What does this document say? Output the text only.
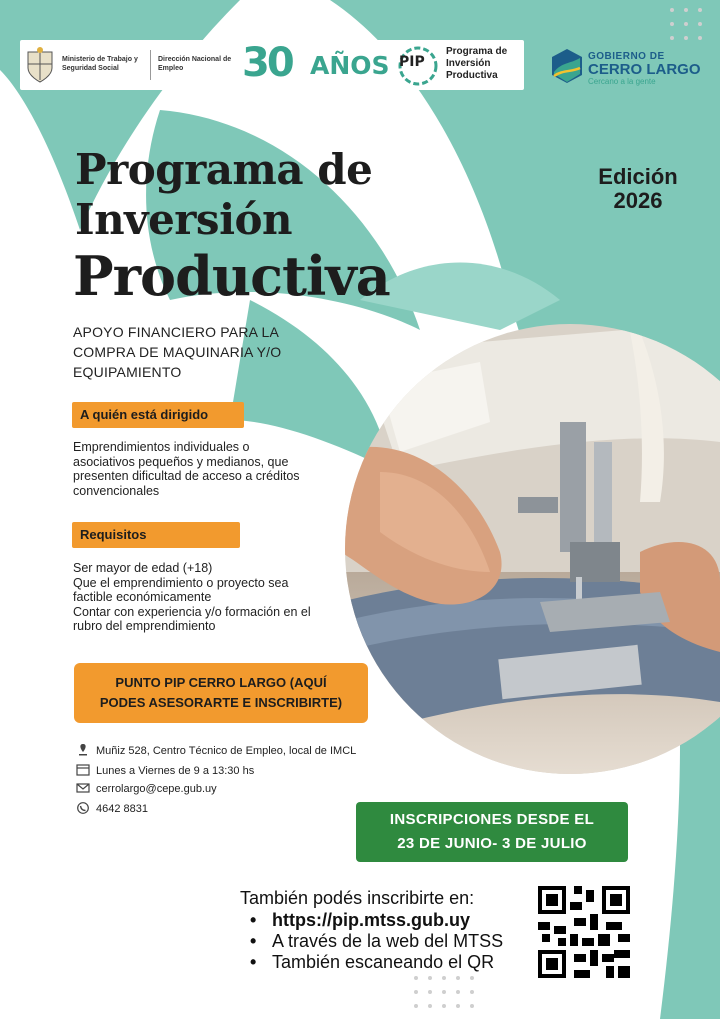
Ministerio de Trabajo y Seguridad Social
Dirección Nacional de Empleo	30 AÑOS PIP
Programa de Inversión Productiva
GOBIERNO DE
CERRO LARGO
Cercano a la gente
Programa de
Inversión
Productiva
Edición
2026
APOYO FINANCIERO PARA LA COMPRA DE MAQUINARIA Y/O EQUIPAMIENTO
A quién está dirigido
Emprendimientos individuales o asociativos pequeños y medianos, que presenten dificultad de acceso a créditos convencionales
Requisitos
Ser mayor de edad (+18)
Que el emprendimiento o proyecto sea factible económicamente
Contar con experiencia y/o formación en el rubro del emprendimiento
PUNTO PIP CERRO LARGO (AQUÍ
PODES ASESORARTE E INSCRIBIRTE)
Muñiz 528, Centro Técnico de Empleo, local de IMCL
Lunes a Viernes de 9 a 13:30 hs
cerrolargo@cepe.gub.uy
4642 8831
INSCRIPCIONES DESDE EL
23 DE JUNIO- 3 DE JULIO
También podés inscribirte en:
• https://pip.mtss.gub.uy
• A través de la web del MTSS
• También escaneando el QR
